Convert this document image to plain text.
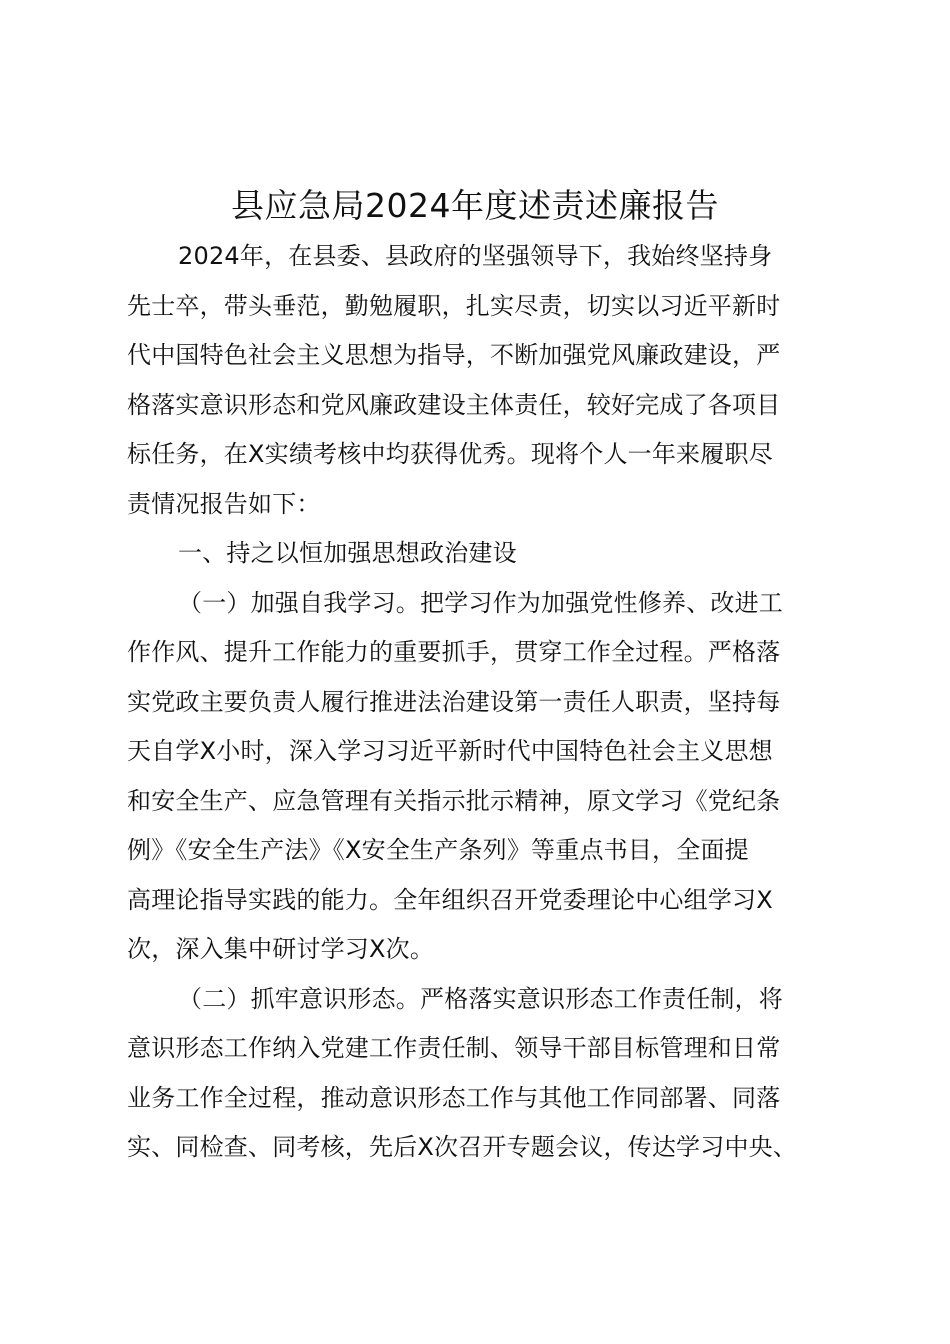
县应急局2024年度述责述廉报告
2024年，在县委、县政府的坚强领导下，我始终坚持身
先士卒，带头垂范，勤勉履职，扎实尽责，切实以习近平新时
代中国特色社会主义思想为指导，不断加强党风廉政建设，严
格落实意识形态和党风廉政建设主体责任，较好完成了各项目
标任务，在X实绩考核中均获得优秀。现将个人一年来履职尽
责情况报告如下：
一、持之以恒加强思想政治建设
（一）加强自我学习。把学习作为加强党性修养、改进工
作作风、提升工作能力的重要抓手，贯穿工作全过程。严格落
实党政主要负责人履行推进法治建设第一责任人职责，坚持每
天自学X小时，深入学习习近平新时代中国特色社会主义思想
和安全生产、应急管理有关指示批示精神，原文学习《党纪条
例》《安全生产法》《X安全生产条列》等重点书目，全面提
高理论指导实践的能力。全年组织召开党委理论中心组学习X
次，深入集中研讨学习X次。
（二）抓牢意识形态。严格落实意识形态工作责任制，将
意识形态工作纳入党建工作责任制、领导干部目标管理和日常
业务工作全过程，推动意识形态工作与其他工作同部署、同落
实、同检查、同考核，先后X次召开专题会议，传达学习中央、
